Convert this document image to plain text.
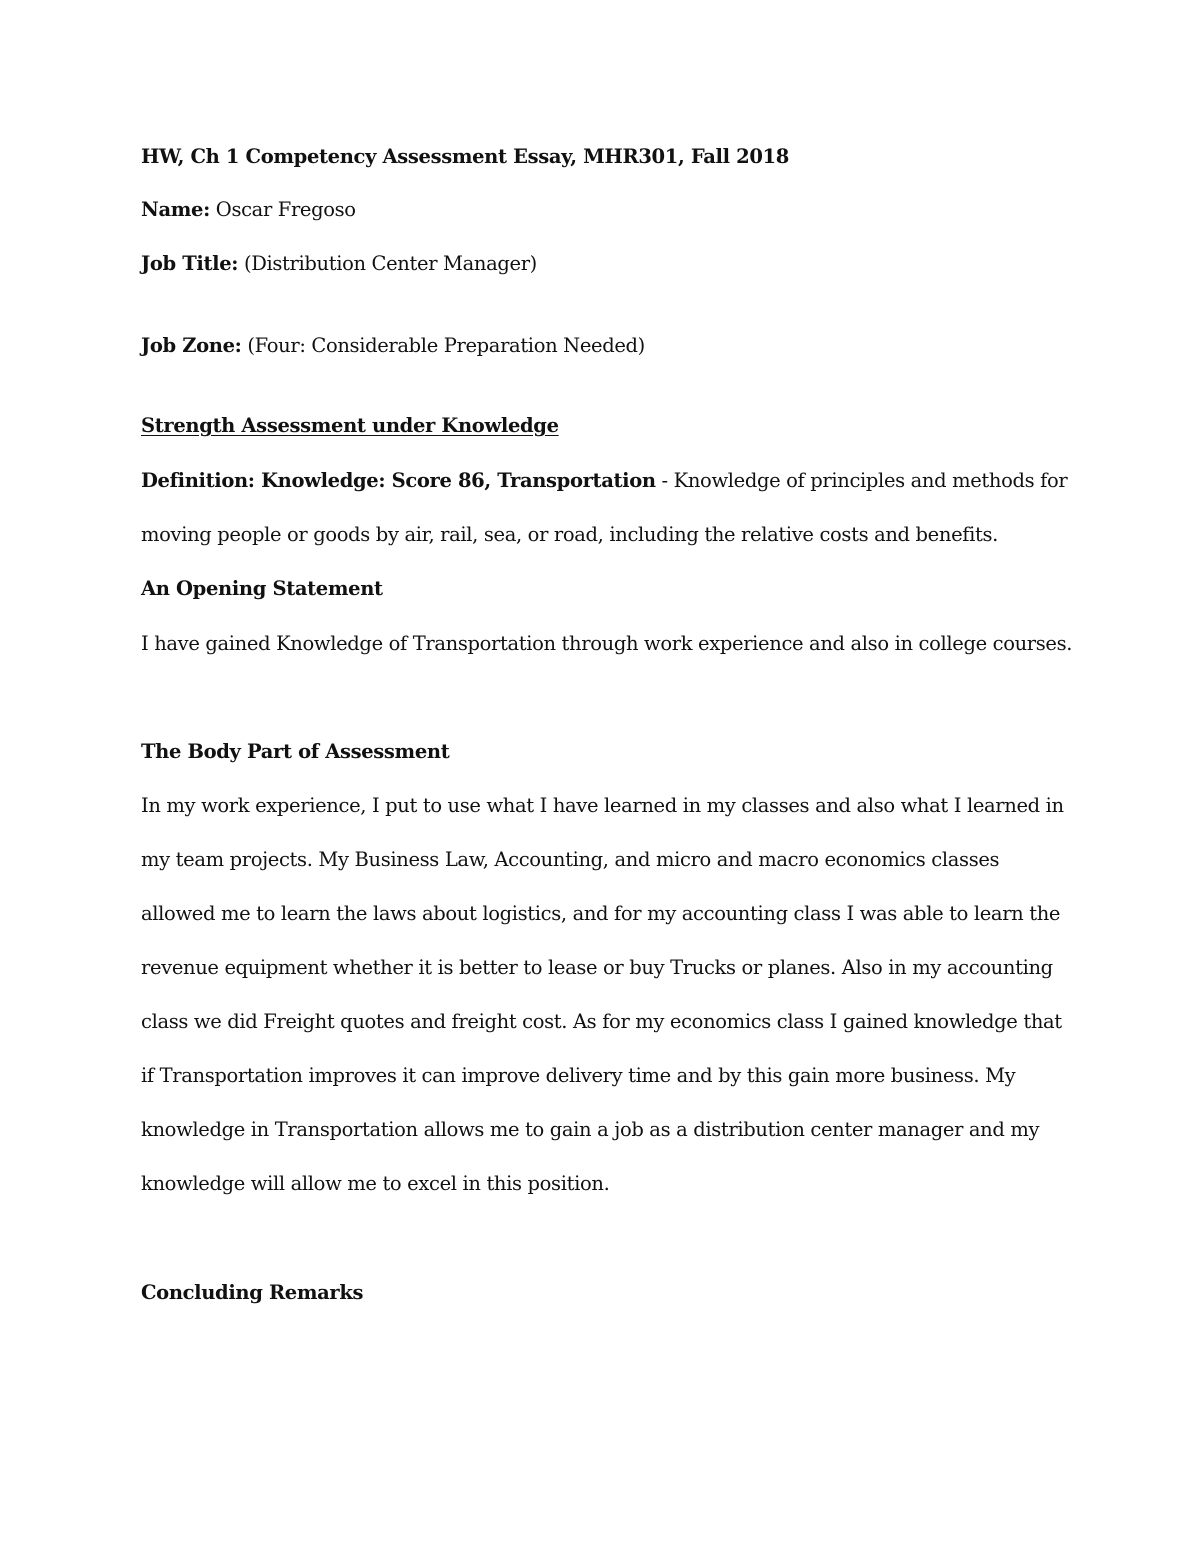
HW, Ch 1 Competency Assessment Essay, MHR301, Fall 2018
Name: Oscar Fregoso
Job Title: (Distribution Center Manager)
Job Zone: (Four: Considerable Preparation Needed)
Strength Assessment under Knowledge
Definition: Knowledge: Score 86, Transportation - Knowledge of principles and methods for
moving people or goods by air, rail, sea, or road, including the relative costs and benefits.
An Opening Statement
I have gained Knowledge of Transportation through work experience and also in college courses.
The Body Part of Assessment
In my work experience, I put to use what I have learned in my classes and also what I learned in
my team projects. My Business Law, Accounting, and micro and macro economics classes
allowed me to learn the laws about logistics, and for my accounting class I was able to learn the
revenue equipment whether it is better to lease or buy Trucks or planes. Also in my accounting
class we did Freight quotes and freight cost. As for my economics class I gained knowledge that
if Transportation improves it can improve delivery time and by this gain more business. My
knowledge in Transportation allows me to gain a job as a distribution center manager and my
knowledge will allow me to excel in this position.
Concluding Remarks
